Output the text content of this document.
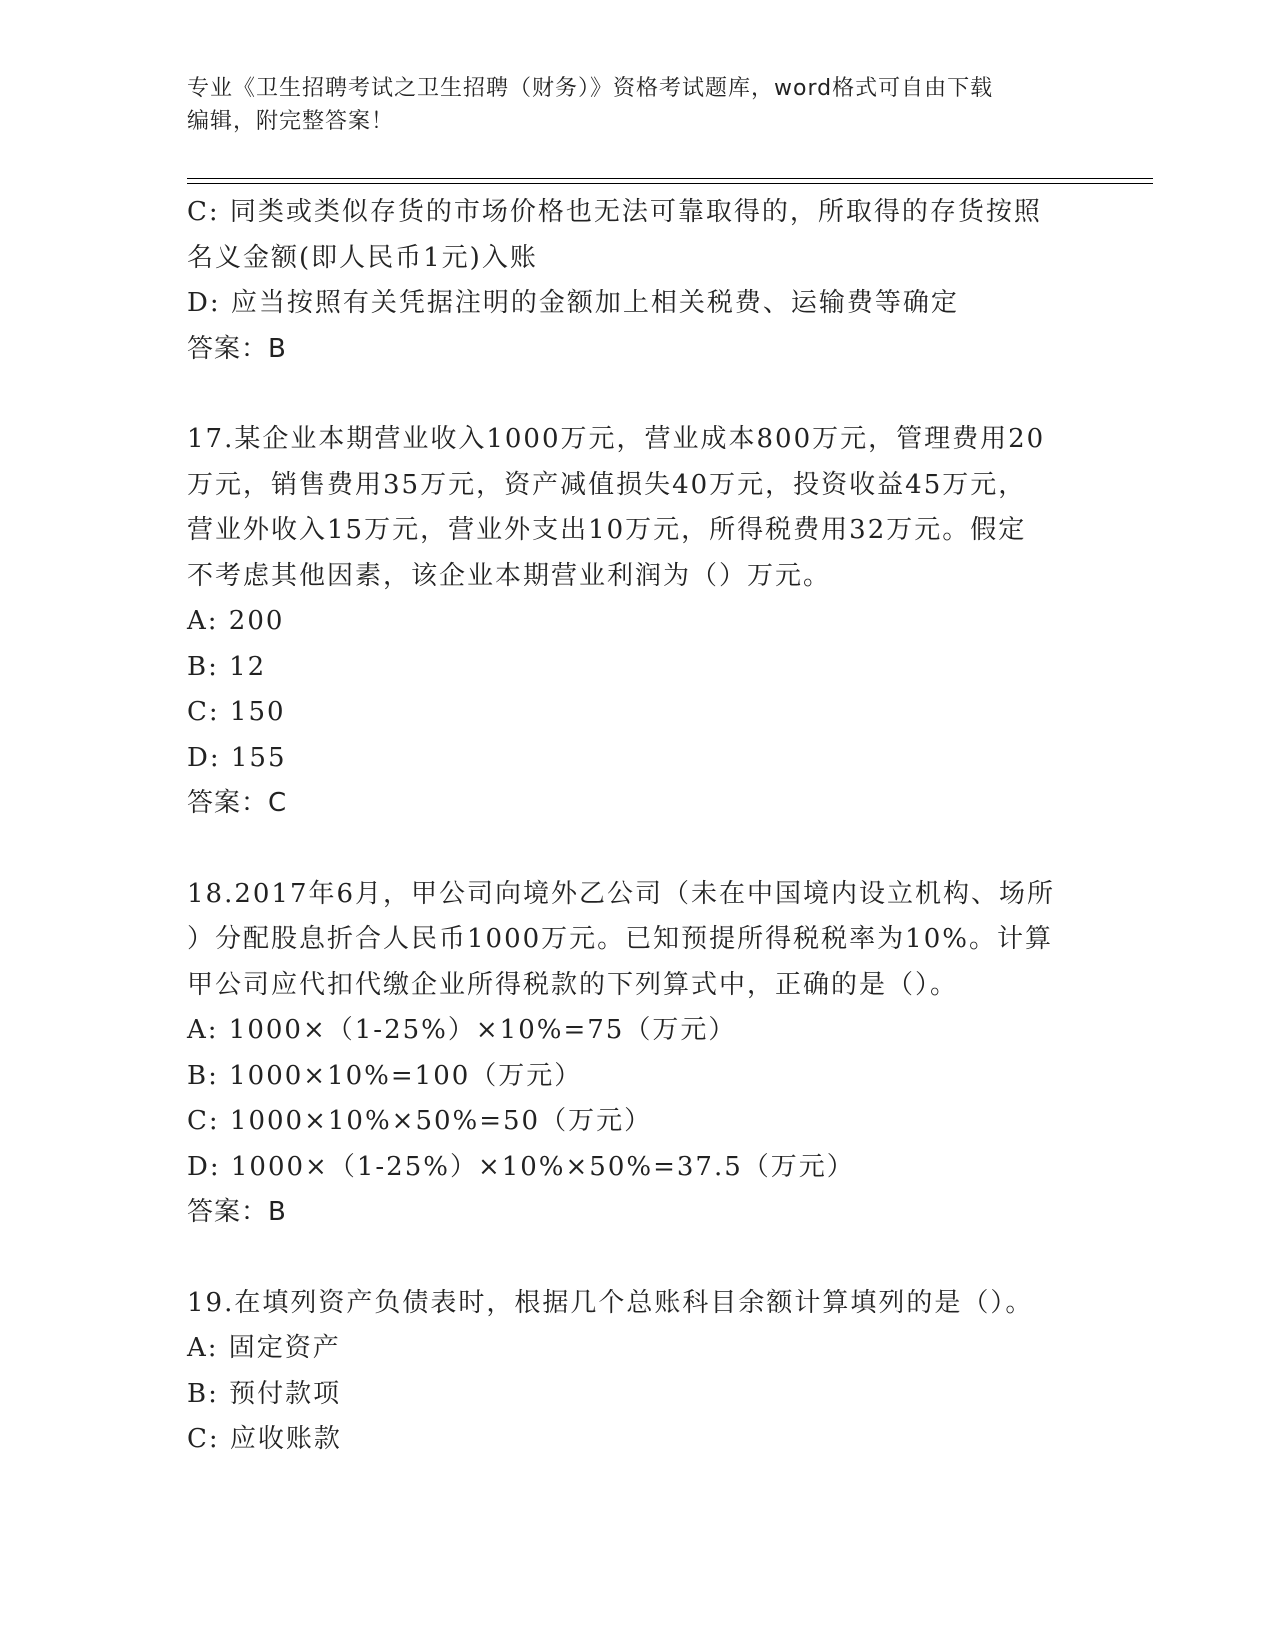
专业《卫生招聘考试之卫生招聘（财务）》资格考试题库，word格式可自由下载
编辑，附完整答案！
C: 同类或类似存货的市场价格也无法可靠取得的，所取得的存货按照
名义金额(即人民币1元)入账
D: 应当按照有关凭据注明的金额加上相关税费、运输费等确定
答案：B
17.某企业本期营业收入1000万元，营业成本800万元，管理费用20
万元，销售费用35万元，资产减值损失40万元，投资收益45万元，
营业外收入15万元，营业外支出10万元，所得税费用32万元。假定
不考虑其他因素，该企业本期营业利润为（）万元。
A: 200
B: 12
C: 150
D: 155
答案：C
18.2017年6月，甲公司向境外乙公司（未在中国境内设立机构、场所
）分配股息折合人民币1000万元。已知预提所得税税率为10%。计算
甲公司应代扣代缴企业所得税款的下列算式中，正确的是（）。
A: 1000×（1-25%）×10%=75（万元）
B: 1000×10%=100（万元）
C: 1000×10%×50%=50（万元）
D: 1000×（1-25%）×10%×50%=37.5（万元）
答案：B
19.在填列资产负债表时，根据几个总账科目余额计算填列的是（）。
A: 固定资产
B: 预付款项
C: 应收账款
